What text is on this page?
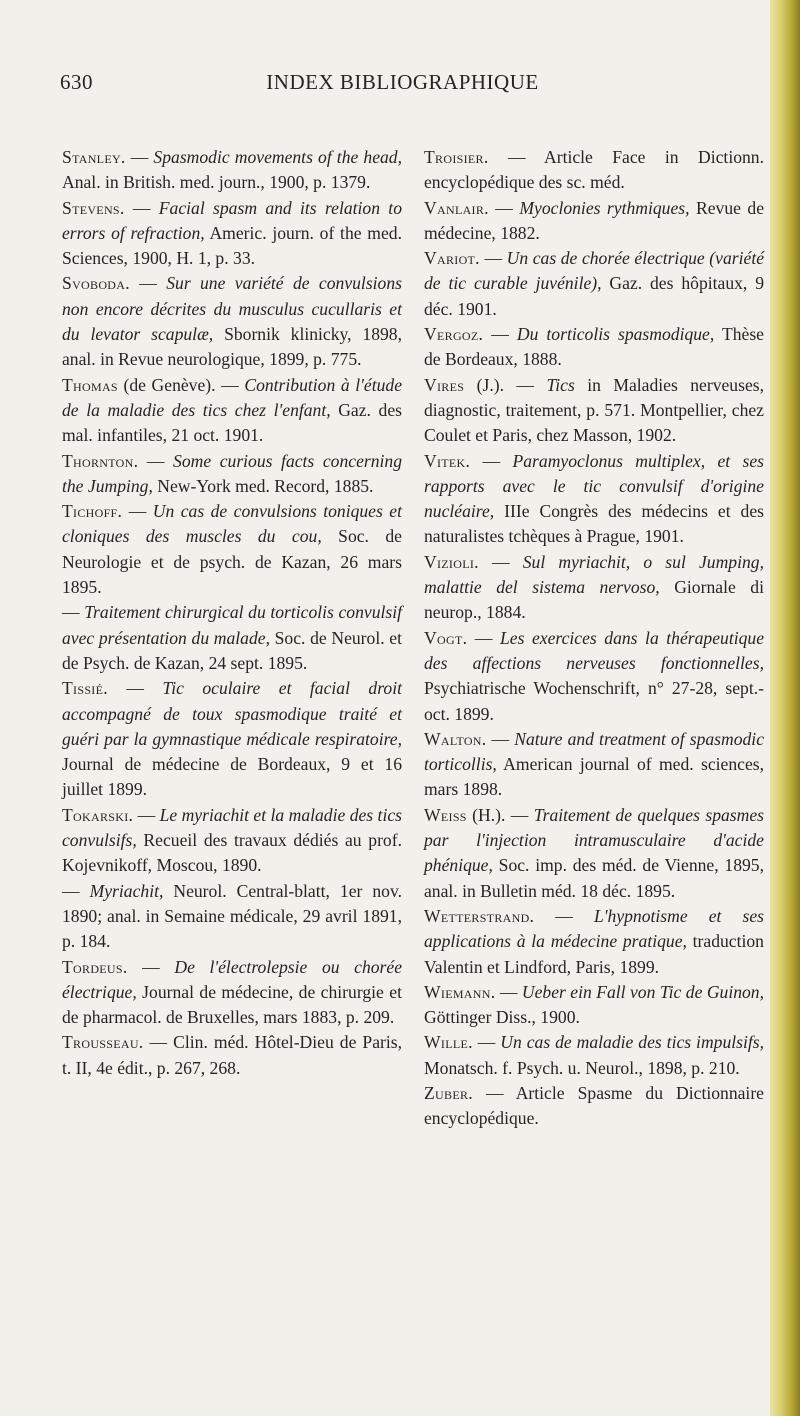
630	INDEX BIBLIOGRAPHIQUE

Stanley. — Spasmodic movements of the head, Anal. in British. med. journ., 1900, p. 1379.

Stevens. — Facial spasm and its relation to errors of refraction, Americ. journ. of the med. Sciences, 1900, H. 1, p. 33.

Svoboda. — Sur une variété de convulsions non encore décrites du musculus cucullaris et du levator scapulæ, Sbornik klinicky, 1898, anal. in Revue neurologique, 1899, p. 775.

Thomas (de Genève). — Contribution à l'étude de la maladie des tics chez l'enfant, Gaz. des mal. infantiles, 21 oct. 1901.

Thornton. — Some curious facts concerning the Jumping, New-York med. Record, 1885.

Tichoff. — Un cas de convulsions toniques et cloniques des muscles du cou, Soc. de Neurologie et de psych. de Kazan, 26 mars 1895.

— Traitement chirurgical du torticolis convulsif avec présentation du malade, Soc. de Neurol. et de Psych. de Kazan, 24 sept. 1895.

Tissié. — Tic oculaire et facial droit accompagné de toux spasmodique traité et guéri par la gymnastique médicale respiratoire, Journal de médecine de Bordeaux, 9 et 16 juillet 1899.

Tokarski. — Le myriachit et la maladie des tics convulsifs, Recueil des travaux dédiés au prof. Kojevnikoff, Moscou, 1890.

— Myriachit, Neurol. Central-blatt, 1er nov. 1890; anal. in Semaine médicale, 29 avril 1891, p. 184.

Tordeus. — De l'électrolepsie ou chorée électrique, Journal de médecine, de chirurgie et de pharmacol. de Bruxelles, mars 1883, p. 209.

Trousseau. — Clin. méd. Hôtel-Dieu de Paris, t. II, 4e édit., p. 267, 268.

Troisier. — Article Face in Dictionn. encyclopédique des sc. méd.

Vanlair. — Myoclonies rythmiques, Revue de médecine, 1882.

Variot. — Un cas de chorée électrique (variété de tic curable juvénile), Gaz. des hôpitaux, 9 déc. 1901.

Vergoz. — Du torticolis spasmodique, Thèse de Bordeaux, 1888.

Vires (J.). — Tics in Maladies nerveuses, diagnostic, traitement, p. 571. Montpellier, chez Coulet et Paris, chez Masson, 1902.

Vitek. — Paramyoclonus multiplex, et ses rapports avec le tic convulsif d'origine nucléaire, IIIe Congrès des médecins et des naturalistes tchèques à Prague, 1901.

Vizioli. — Sul myriachit, o sul Jumping, malattie del sistema nervoso, Giornale di neurop., 1884.

Vogt. — Les exercices dans la thérapeutique des affections nerveuses fonctionnelles, Psychiatrische Wochenschrift, n° 27-28, sept.-oct. 1899.

Walton. — Nature and treatment of spasmodic torticollis, American journal of med. sciences, mars 1898.

Weiss (H.). — Traitement de quelques spasmes par l'injection intramusculaire d'acide phénique, Soc. imp. des méd. de Vienne, 1895, anal. in Bulletin méd. 18 déc. 1895.

Wetterstrand. — L'hypnotisme et ses applications à la médecine pratique, traduction Valentin et Lindford, Paris, 1899.

Wiemann. — Ueber ein Fall von Tic de Guinon, Göttinger Diss., 1900.

Wille. — Un cas de maladie des tics impulsifs, Monatsch. f. Psych. u. Neurol., 1898, p. 210.

Zuber. — Article Spasme du Dictionnaire encyclopédique.
